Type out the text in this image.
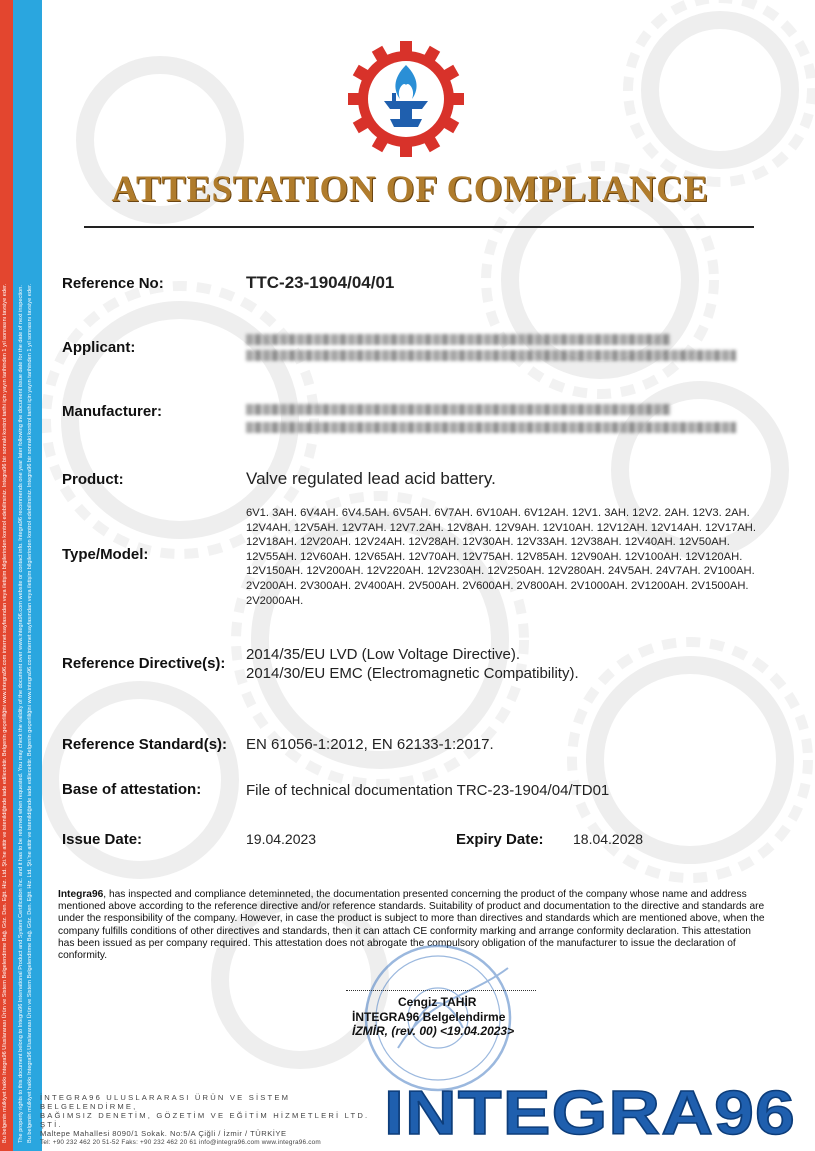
Bu belgenin mülkiyet hakkı Integra96 Uluslararası Ürün ve Sistem Belgelendirme Bağ. Göz. Den. Eğit. Hiz. Ltd. Şti.'ne aittir ve istenildiğinde iade edilecektir. Belgenin geçerliliğini www.integra96.com internet sayfasından veya iletişim bilgilerinden kontrol edebilirsiniz. Integra96 bir sonraki kontrol tarihi için yayın tarihinden 1 yıl sonrasını tavsiye eder. The property rights to this document belong to Integra96 International Product and System Certification Inc. and it has to be returned when requested. You may check the validity of the document over www.integra96.com website or contact info. Integra96 recommends one year later following the document issue date for the date of next inspection. Bu belgenin mülkiyet hakkı Integra96 Uluslararası Ürün ve Sistem Belgelendirme Bağ. Göz. Den. Eğit. Hiz. Ltd. Şti.'ne aittir ve istenildiğinde iade edilecektir. Belgenin geçerliliğini www.integra96.com internet sayfasından veya iletişim bilgilerinden kontrol edebilirsiniz. Integra96 bir sonraki kontrol tarihi için yayın tarihinden 1 yıl sonrasını tavsiye eder.
ATTESTATION OF COMPLIANCE
Reference No:	TTC-23-1904/04/01
Applicant:
Manufacturer:
Product:	Valve regulated lead acid battery.
Type/Model:
6V1. 3AH. 6V4AH. 6V4.5AH. 6V5AH. 6V7AH. 6V10AH. 6V12AH. 12V1. 3AH. 12V2. 2AH. 12V3. 2AH. 12V4AH. 12V5AH. 12V7AH. 12V7.2AH. 12V8AH. 12V9AH. 12V10AH. 12V12AH. 12V14AH. 12V17AH. 12V18AH. 12V20AH. 12V24AH. 12V28AH. 12V30AH. 12V33AH. 12V38AH. 12V40AH. 12V50AH. 12V55AH. 12V60AH. 12V65AH. 12V70AH. 12V75AH. 12V85AH. 12V90AH. 12V100AH. 12V120AH. 12V150AH. 12V200AH. 12V220AH. 12V230AH. 12V250AH. 12V280AH. 24V5AH. 24V7AH. 2V100AH. 2V200AH. 2V300AH. 2V400AH. 2V500AH. 2V600AH. 2V800AH. 2V1000AH. 2V1200AH. 2V1500AH. 2V2000AH.
Reference Directive(s):
2014/35/EU LVD (Low Voltage Directive).
2014/30/EU EMC (Electromagnetic Compatibility).
Reference Standard(s): EN 61056-1:2012, EN 62133-1:2017.
Base of attestation:	File of technical documentation TRC-23-1904/04/TD01
Issue Date:	19.04.2023	Expiry Date: 18.04.2028
Integra96, has inspected and compliance deteminneted, the documentation presented concerning the product of the company whose name and address mentioned above according to the reference directive and/or reference standards. Suitability of product and documentation to the directive and standards are under the responsibility of the company. However, in case the product is subject to more than directives and standards which are mentioned above, when the company fulfills conditions of other directives and standards, then it can attach CE conformity marking and arrange conformity declaration. This attestation has been issued as per company required. This attestation does not abrogate the compulsory obligation of the manufacturer to issue the declaration of conformity.
Cengiz TAHİR
İNTEGRA96 Belgelendirme
İZMİR, (rev. 00) <19.04.2023>
İNTEGRA96 ULUSLARARASI ÜRÜN VE SİSTEM BELGELENDİRME,
BAĞIMSIZ DENETİM, GÖZETİM VE EĞİTİM HİZMETLERİ LTD. ŞTİ.
Maltepe Mahallesi 8090/1 Sokak. No:5/A Çiğli / İzmir / TÜRKİYE
Tel: +90 232 462 20 51-52 Faks: +90 232 462 20 61 info@integra96.com www.integra96.com	INTEGRA96
